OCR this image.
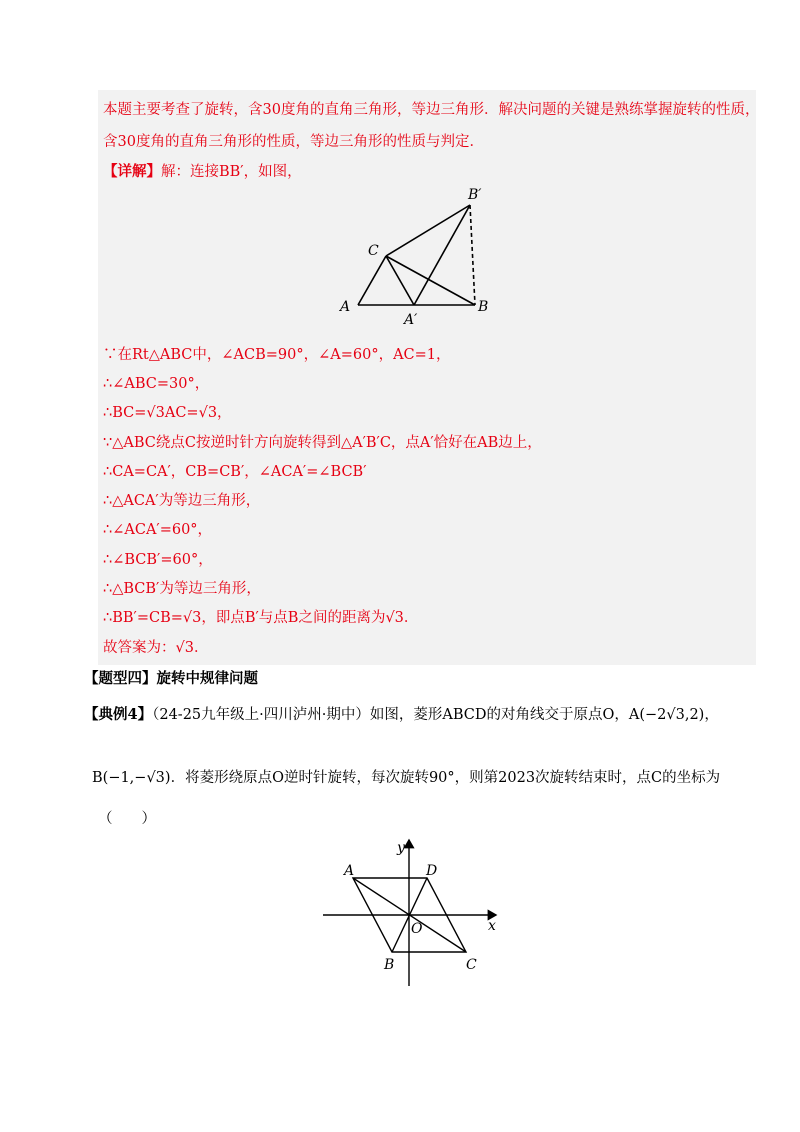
本题主要考查了旋转，含30度角的直角三角形，等边三角形．解决问题的关键是熟练掌握旋转的性质，
含30度角的直角三角形的性质，等边三角形的性质与判定．
【详解】解：连接BB′，如图，
B′
C
A	B
A′
∵在Rt△ABC中，∠ACB=90°，∠A=60°，AC=1，
∴∠ABC=30°，
∴BC=√3AC=√3，
∵△ABC绕点C按逆时针方向旋转得到△A′B′C，点A′恰好在AB边上，
∴CA=CA′，CB=CB′，∠ACA′=∠BCB′
∴△ACA′为等边三角形，
∴∠ACA′=60°，
∴∠BCB′=60°，
∴△BCB′为等边三角形，
∴BB′=CB=√3，即点B′与点B之间的距离为√3．
故答案为：√3．
【题型四】旋转中规律问题
【典例4】（24-25九年级上·四川泸州·期中）如图，菱形ABCD的对角线交于原点O，A(−2√3,2)，
B(−1,−√3)．将菱形绕原点O逆时针旋转，每次旋转90°，则第2023次旋转结束时，点C的坐标为
（　　）
y
x
A	D
O
B	C
